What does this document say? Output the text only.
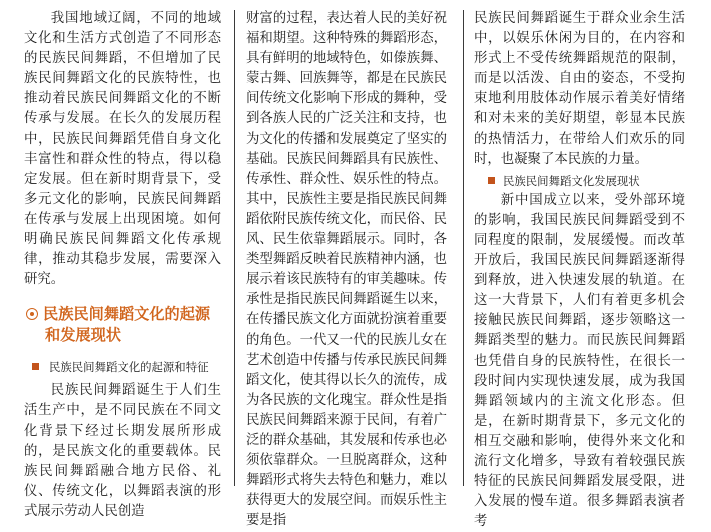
我国地域辽阔，不同的地域文化和生活方式创造了不同形态的民族民间舞蹈，不但增加了民族民间舞蹈文化的民族特性，也推动着民族民间舞蹈文化的不断传承与发展。在长久的发展历程中，民族民间舞蹈凭借自身文化丰富性和群众性的特点，得以稳定发展。但在新时期背景下，受多元文化的影响，民族民间舞蹈在传承与发展上出现困境。如何明确民族民间舞蹈文化传承规律，推动其稳步发展，需要深入研究。

民族民间舞蹈文化的起源
和发展现状
民族民间舞蹈文化的起源和特征

民族民间舞蹈诞生于人们生活生产中，是不同民族在不同文化背景下经过长期发展所形成的，是民族文化的重要载体。民族民间舞蹈融合地方民俗、礼仪、传统文化，以舞蹈表演的形式展示劳动人民创造

财富的过程，表达着人民的美好祝福和期望。这种特殊的舞蹈形态，具有鲜明的地域特色，如傣族舞、蒙古舞、回族舞等，都是在民族民间传统文化影响下形成的舞种，受到各族人民的广泛关注和支持，也为文化的传播和发展奠定了坚实的基础。民族民间舞蹈具有民族性、传承性、群众性、娱乐性的特点。其中，民族性主要是指民族民间舞蹈依附民族传统文化，而民俗、民风、民生依靠舞蹈展示。同时，各类型舞蹈反映着民族精神内涵，也展示着该民族特有的审美趣味。传承性是指民族民间舞蹈诞生以来，在传播民族文化方面就扮演着重要的角色。一代又一代的民族儿女在艺术创造中传播与传承民族民间舞蹈文化，使其得以长久的流传，成为各民族的文化瑰宝。群众性是指民族民间舞蹈来源于民间，有着广泛的群众基础，其发展和传承也必须依靠群众。一旦脱离群众，这种舞蹈形式将失去特色和魅力，难以获得更大的发展空间。而娱乐性主要是指

民族民间舞蹈诞生于群众业余生活中，以娱乐休闲为目的，在内容和形式上不受传统舞蹈规范的限制，而是以活泼、自由的姿态，不受拘束地利用肢体动作展示着美好情绪和对未来的美好期望，彰显本民族的热情活力，在带给人们欢乐的同时，也凝聚了本民族的力量。

民族民间舞蹈文化发展现状

新中国成立以来，受外部环境的影响，我国民族民间舞蹈受到不同程度的限制，发展缓慢。而改革开放后，我国民族民间舞蹈逐渐得到释放，进入快速发展的轨道。在这一大背景下，人们有着更多机会接触民族民间舞蹈，逐步领略这一舞蹈类型的魅力。而民族民间舞蹈也凭借自身的民族特性，在很长一段时间内实现快速发展，成为我国舞蹈领域内的主流文化形态。但是，在新时期背景下，多元文化的相互交融和影响，使得外来文化和流行文化增多，导致有着较强民族特征的民族民间舞蹈发展受限，进入发展的慢车道。很多舞蹈表演者考
